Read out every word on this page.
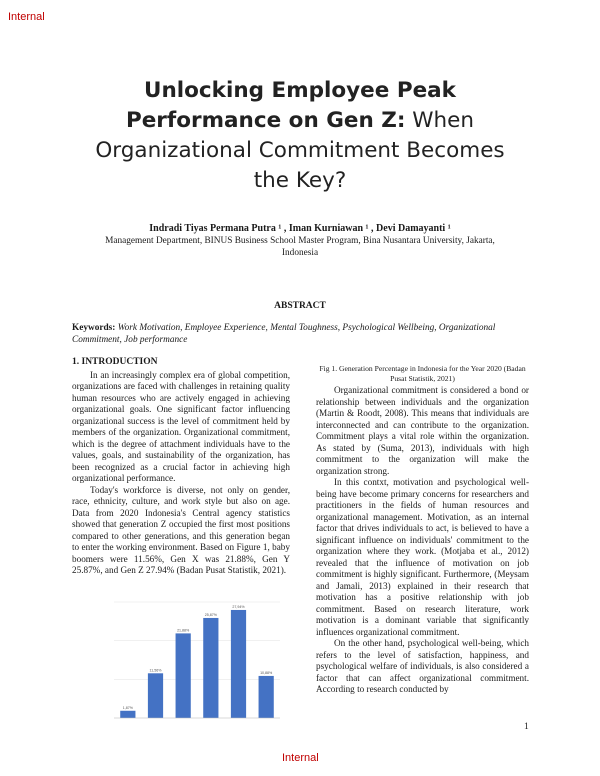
Internal
Unlocking Employee Peak
Performance on Gen Z: When
Organizational Commitment Becomes
the Key?
Indradi Tiyas Permana Putra ¹ , Iman Kurniawan ¹ , Devi Damayanti ¹
Management Department, BINUS Business School Master Program, Bina Nusantara University, Jakarta, Indonesia
ABSTRACT
Keywords: Work Motivation, Employee Experience, Mental Toughness, Psychological Wellbeing, Organizational Commitment, Job performance
1. INTRODUCTION

In an increasingly complex era of global competition, organizations are faced with challenges in retaining quality human resources who are actively engaged in achieving organizational goals. One significant factor influencing organizational success is the level of commitment held by members of the organization. Organizational commitment, which is the degree of attachment individuals have to the values, goals, and sustainability of the organization, has been recognized as a crucial factor in achieving high organizational performance.

Today's workforce is diverse, not only on gender, race, ethnicity, culture, and work style but also on age. Data from 2020 Indonesia's Central agency statistics showed that generation Z occupied the first most positions compared to other generations, and this generation began to enter the working environment. Based on Figure 1, baby boomers were 11.56%, Gen X was 21.88%, Gen Y 25.87%, and Gen Z 27.94% (Badan Pusat Statistik, 2021).

1,87%
11,56%
21,88%
25,87%
27,94%
10,88%
Fig 1. Generation Percentage in Indonesia for the Year 2020 (Badan Pusat Statistik, 2021)

Organizational commitment is considered a bond or relationship between individuals and the organization (Martin & Roodt, 2008). This means that individuals are interconnected and can contribute to the organization. Commitment plays a vital role within the organization. As stated by (Suma, 2013), individuals with high commitment to the organization will make the organization strong.

In this contxt, motivation and psychological well-being have become primary concerns for researchers and practitioners in the fields of human resources and organizational management. Motivation, as an internal factor that drives individuals to act, is believed to have a significant influence on individuals' commitment to the organization where they work. (Motjaba et al., 2012) revealed that the influence of motivation on job commitment is highly significant. Furthermore, (Meysam and Jamali, 2013) explained in their research that motivation has a positive relationship with job commitment. Based on research literature, work motivation is a dominant variable that significantly influences organizational commitment.

On the other hand, psychological well-being, which refers to the level of satisfaction, happiness, and psychological welfare of individuals, is also considered a factor that can affect organizational commitment. According to research conducted by

1
Internal
